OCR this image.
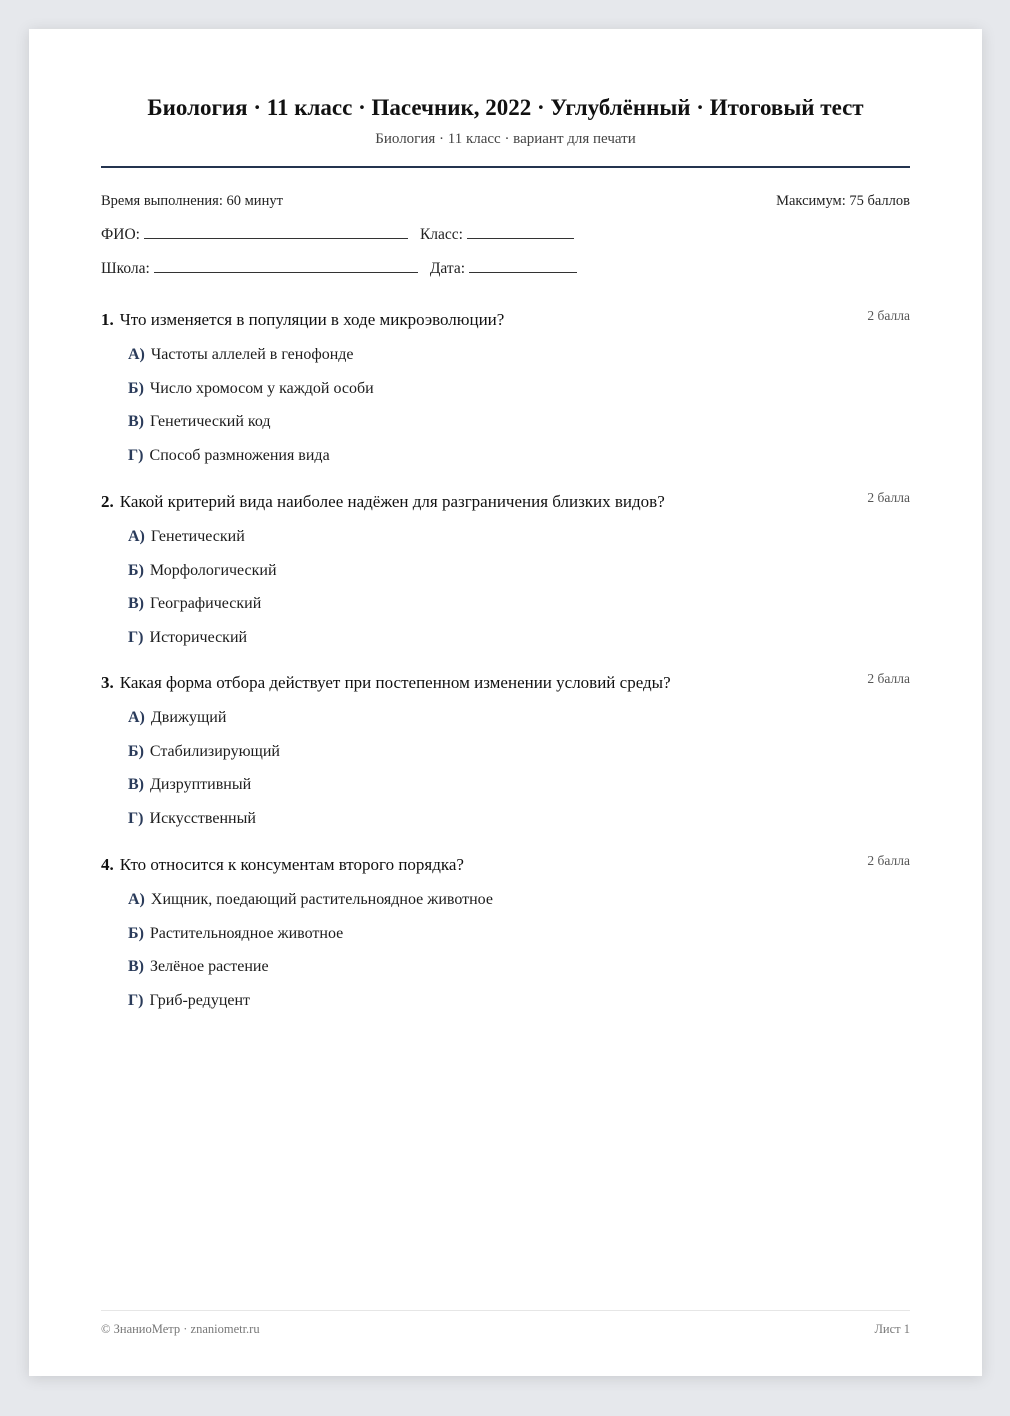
Биология · 11 класс · Пасечник, 2022 · Углублённый · Итоговый тест
Биология · 11 класс · вариант для печати
Время выполнения: 60 минут	Максимум: 75 баллов
ФИО:	Класс:
Школа:	Дата:
1. Что изменяется в популяции в ходе микроэволюции?	2 балла
А) Частоты аллелей в генофонде
Б) Число хромосом у каждой особи
В) Генетический код
Г) Способ размножения вида
2. Какой критерий вида наиболее надёжен для разграничения близких видов?	2 балла
А) Генетический
Б) Морфологический
В) Географический
Г) Исторический
3. Какая форма отбора действует при постепенном изменении условий среды?	2 балла
А) Движущий
Б) Стабилизирующий
В) Дизруптивный
Г) Искусственный
4. Кто относится к консументам второго порядка?	2 балла
А) Хищник, поедающий растительноядное животное
Б) Растительноядное животное
В) Зелёное растение
Г) Гриб-редуцент
© ЗнаниоМетр · znaniometr.ru	Лист 1
